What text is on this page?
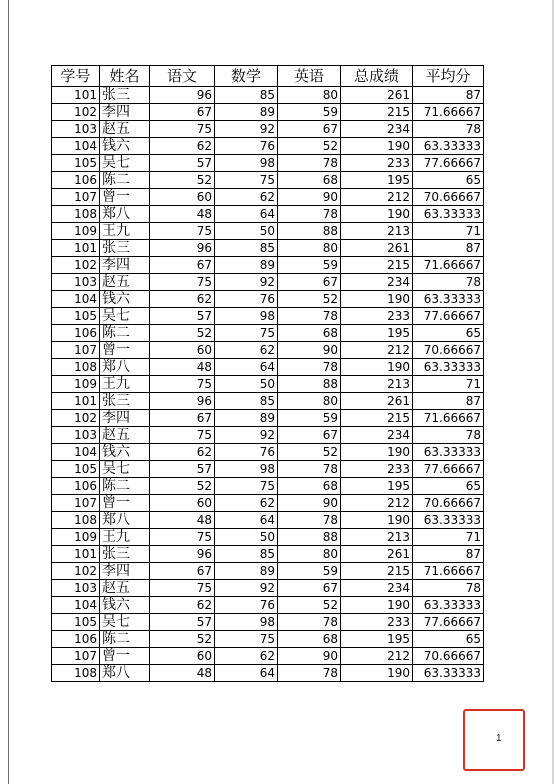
学号	姓名	语文	数学	英语	总成绩	平均分
101	张三	96	85	80	261	87
102	李四	67	89	59	215	71.66667
103	赵五	75	92	67	234	78
104	钱六	62	76	52	190	63.33333
105	吴七	57	98	78	233	77.66667
106	陈二	52	75	68	195	65
107	曾一	60	62	90	212	70.66667
108	郑八	48	64	78	190	63.33333
109	王九	75	50	88	213	71
101	张三	96	85	80	261	87
102	李四	67	89	59	215	71.66667
103	赵五	75	92	67	234	78
104	钱六	62	76	52	190	63.33333
105	吴七	57	98	78	233	77.66667
106	陈二	52	75	68	195	65
107	曾一	60	62	90	212	70.66667
108	郑八	48	64	78	190	63.33333
109	王九	75	50	88	213	71
101	张三	96	85	80	261	87
102	李四	67	89	59	215	71.66667
103	赵五	75	92	67	234	78
104	钱六	62	76	52	190	63.33333
105	吴七	57	98	78	233	77.66667
106	陈二	52	75	68	195	65
107	曾一	60	62	90	212	70.66667
108	郑八	48	64	78	190	63.33333
109	王九	75	50	88	213	71
101	张三	96	85	80	261	87
102	李四	67	89	59	215	71.66667
103	赵五	75	92	67	234	78
104	钱六	62	76	52	190	63.33333
105	吴七	57	98	78	233	77.66667
106	陈二	52	75	68	195	65
107	曾一	60	62	90	212	70.66667
108	郑八	48	64	78	190	63.33333
1
